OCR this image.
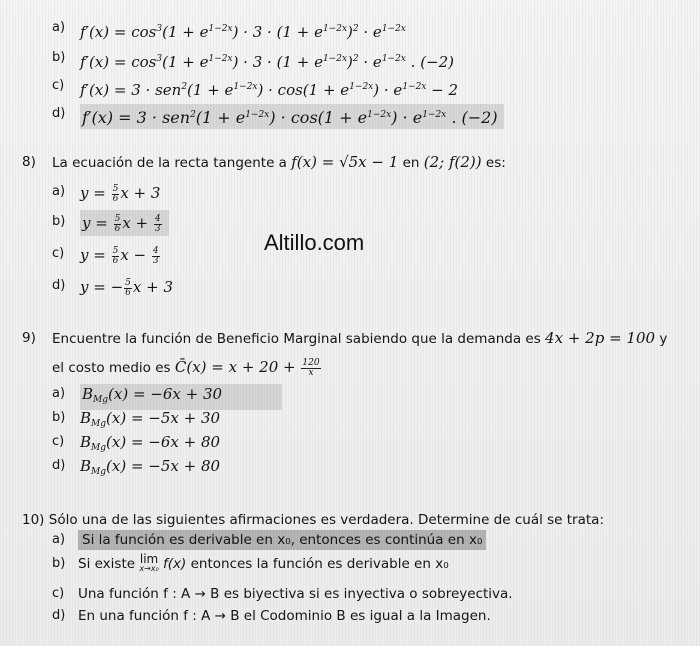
a) $f'(x) = \cos^3(1 + e^{1-2x}) \cdot 3 \cdot (1 + e^{1-2x})^2 \cdot e^{1-2x}$
b) $f'(x) = \cos^3(1 + e^{1-2x}) \cdot 3 \cdot (1 + e^{1-2x})^2 \cdot e^{1-2x}$ . (−2)
c) $f'(x) = 3 \cdot sen^2(1 + e^{1-2x}) \cdot \cos(1 + e^{1-2x}) \cdot e^{1-2x} - 2$
d) $f'(x) = 3 \cdot sen^2(1 + e^{1-2x}) \cdot \cos(1 + e^{1-2x}) \cdot e^{1-2x}$ . (−2)
8) La ecuación de la recta tangente a f(x) = √5x − 1 en (2; f(2)) es:
a) $y = \frac{5}{6}$ x + 3
b) $y = \frac{5}{6}$ $x + \frac{4}{3}$
c) $y = \frac{5}{6}$ $x - \frac{4}{3}$
d) y = − $\frac{5}{6}$ x + 3
Altillo.com
9) Encuentre la función de Beneficio Marginal sabiendo que la demanda es 4x + 2p = 100 y
el costo medio es C̄(x) = $x + 20 + \frac{120}{x}$
a) $B_{Mg}(x) = -6x + 30$
b) $B_{Mg}(x) = -5x + 30$
c) $B_{Mg}(x) = -6x + 80$
d) $B_{Mg}(x) = -5x + 80$
10) Sólo una de las siguientes afirmaciones es verdadera. Determine de cuál se trata:
a) Si la función es derivable en x₀, entonces es continúa en x₀
b) Si existe lim
x→x₀ f(x) entonces la función es derivable en x₀
c) Una función f : A → B es biyectiva si es inyectiva o sobreyectiva.
d) En una función f : A → B el Codominio B es igual a la Imagen.
